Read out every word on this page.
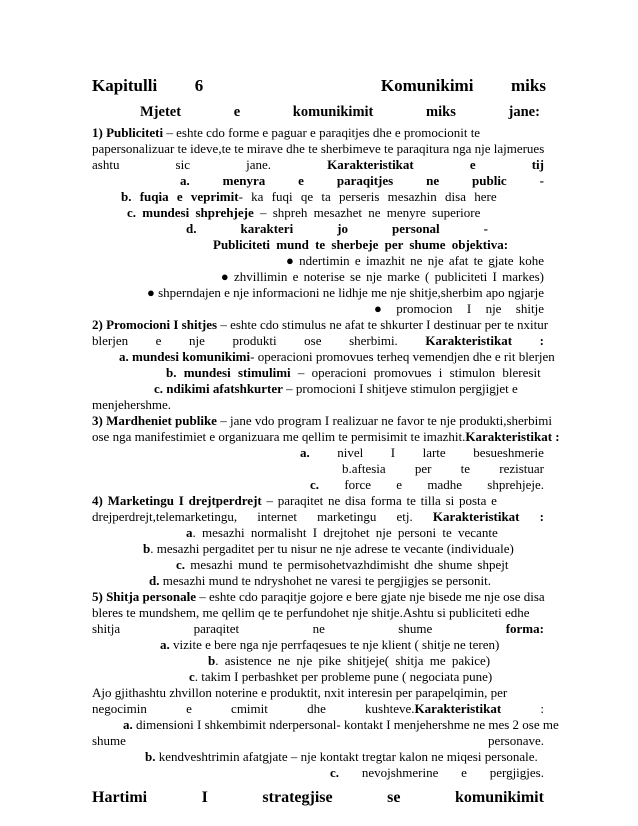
Kapitulli 6	Komunikimi miks
Mjetet	e	komunikimit	miks	jane:
1) Publiciteti – eshte cdo forme e paguar e paraqitjes dhe e promocionit te
papersonalizuar te ideve,te te mirave dhe te sherbimeve te paraqitura nga nje lajmerues
ashtu	sic	jane.	Karakteristikat	e	tij
a.	menyra	e	paraqitjes	ne	public	-
b. fuqia e veprimit- ka fuqi qe ta perseris mesazhin disa here
c. mundesi shprehjeje – shpreh mesazhet ne menyre superiore
d.	karakteri	jo	personal	-
Publiciteti mund te sherbeje per shume objektiva:
● ndertimin e imazhit ne nje afat te gjate kohe
● zhvillimin e noterise se nje marke ( publiciteti I markes)
● shperndajen e nje informacioni ne lidhje me nje shitje,sherbim apo ngjarje
● promocion I nje shitje
2) Promocioni I shitjes – eshte cdo stimulus ne afat te shkurter I destinuar per te nxitur
blerjen e nje produkti ose sherbimi. Karakteristikat :
a. mundesi komunikimi- operacioni promovues terheq vemendjen dhe e rit blerjen
b. mundesi stimulimi – operacioni promovues i stimulon bleresit
c. ndikimi afatshkurter – promocioni I shitjeve stimulon pergjigjet e
menjehershme.
3) Mardheniet publike – jane vdo program I realizuar ne favor te nje produkti,sherbimi
ose nga manifestimiet e organizuara me qellim te permisimit te imazhit.Karakteristikat :
a. nivel I larte besueshmerie
b.aftesia per te rezistuar
c. force e madhe shprehjeje.
4) Marketingu I drejtperdrejt – paraqitet ne disa forma te tilla si posta e
drejperdrejt,telemarketingu, internet marketingu etj. Karakteristikat :
a. mesazhi normalisht I drejtohet nje personi te vecante
b. mesazhi pergaditet per tu nisur ne nje adrese te vecante (individuale)
c. mesazhi mund te permisohetvazhdimisht dhe shume shpejt
d. mesazhi mund te ndryshohet ne varesi te pergjigjes se personit.
5) Shitja personale – eshte cdo paraqitje gojore e bere gjate nje bisede me nje ose disa
bleres te mundshem, me qellim qe te perfundohet nje shitje.Ashtu si publiciteti edhe
shitja	paraqitet	ne	shume	forma:
a. vizite e bere nga nje perrfaqesues te nje klient ( shitje ne teren)
b. asistence ne nje pike shitjeje( shitja me pakice)
c. takim I perbashket per probleme pune ( negociata pune)
Ajo gjithashtu zhvillon noterine e produktit, nxit interesin per parapelqimin, per
negocimin	e	cmimit	dhe	kushteve.Karakteristikat	:
a. dimensioni I shkembimit nderpersonal- kontakt I menjehershme ne mes 2 ose me
shume	personave.
b. kendveshtrimin afatgjate – nje kontakt tregtar kalon ne miqesi personale.
c. nevojshmerine e pergjigjes.
Hartimi	I	strategjise	se	komunikimit
